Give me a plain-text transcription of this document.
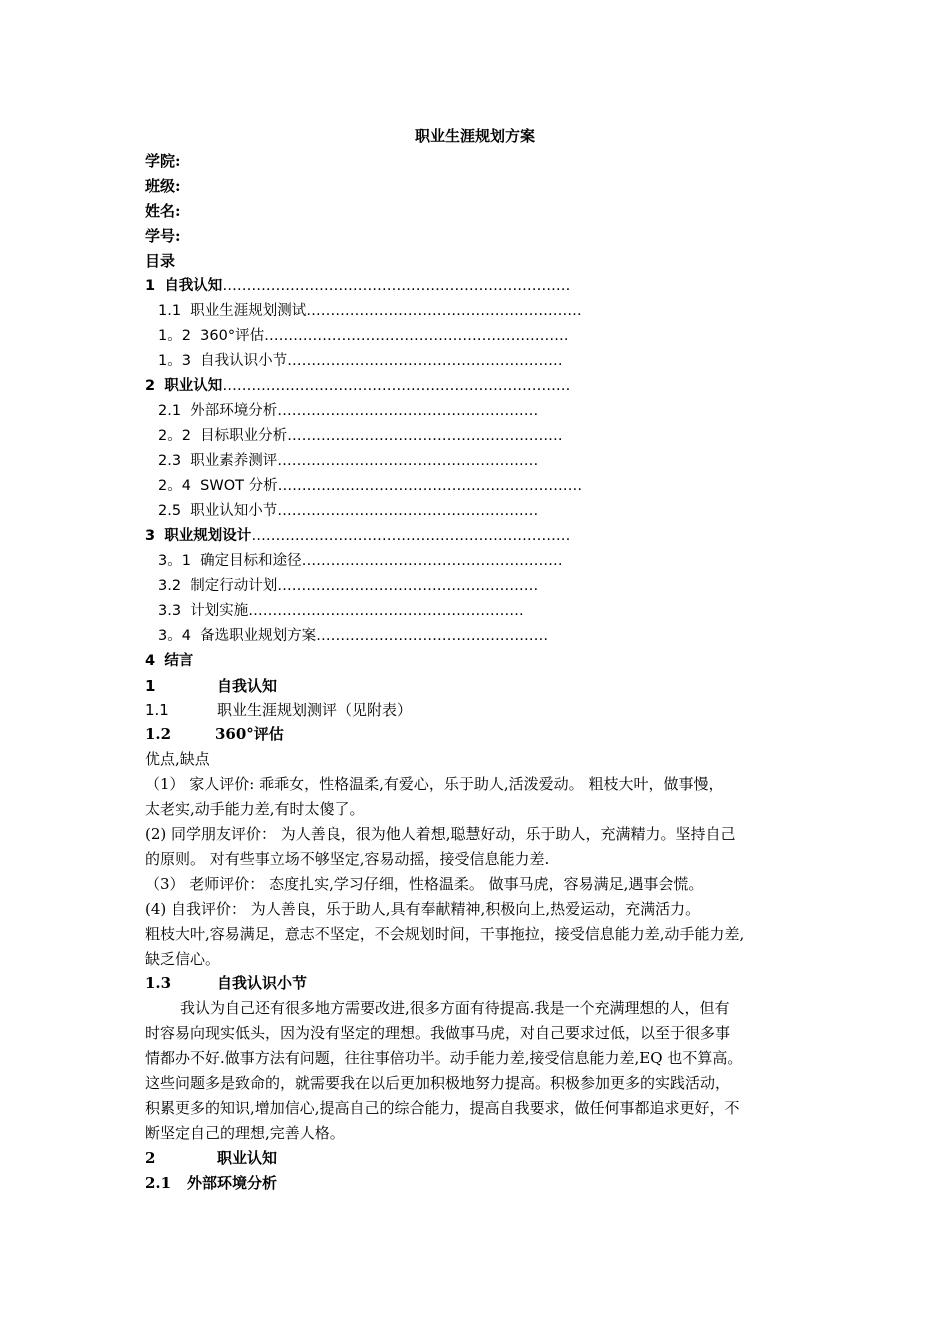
职业生涯规划方案
学院:
班级:
姓名:
学号:
目录
1 自我认知………………………………………………………………
1.1 职业生涯规划测试…………………………………………………
1。2 360°评估………………………………………………………
1。3 自我认识小节…………………………………………………
2 职业认知………………………………………………………………
2.1 外部环境分析………………………………………………
2。2 目标职业分析…………………………………………………
2.3 职业素养测评………………………………………………
2。4 SWOT 分析………………………………………………………
2.5 职业认知小节………………………………………………
3 职业规划设计…………………………………………………………
3。1 确定目标和途径………………………………………………
3.2 制定行动计划………………………………………………
3.3 计划实施…………………………………………………
3。4 备选职业规划方案…………………………………………
4 结言
1	自我认知
1.1	职业生涯规划测评（见附表）
1.2	360°评估
优点,缺点
（1） 家人评价: 乖乖女，性格温柔,有爱心，乐于助人,活泼爱动。 粗枝大叶，做事慢，
太老实,动手能力差,有时太傻了。
(2) 同学朋友评价： 为人善良，很为他人着想,聪慧好动，乐于助人，充满精力。坚持自己
的原则。 对有些事立场不够坚定,容易动摇，接受信息能力差.
（3） 老师评价： 态度扎实,学习仔细，性格温柔。 做事马虎，容易满足,遇事会慌。
(4) 自我评价： 为人善良，乐于助人,具有奉献精神,积极向上,热爱运动，充满活力。
粗枝大叶,容易满足，意志不坚定，不会规划时间，干事拖拉，接受信息能力差,动手能力差,
缺乏信心。
1.3	自我认识小节
我认为自己还有很多地方需要改进,很多方面有待提高.我是一个充满理想的人，但有
时容易向现实低头，因为没有坚定的理想。我做事马虎，对自己要求过低，以至于很多事
情都办不好.做事方法有问题，往往事倍功半。动手能力差,接受信息能力差,EQ 也不算高。
这些问题多是致命的，就需要我在以后更加积极地努力提高。积极参加更多的实践活动，
积累更多的知识,增加信心,提高自己的综合能力，提高自我要求，做任何事都追求更好，不
断坚定自己的理想,完善人格。
2	职业认知
2.1 外部环境分析
